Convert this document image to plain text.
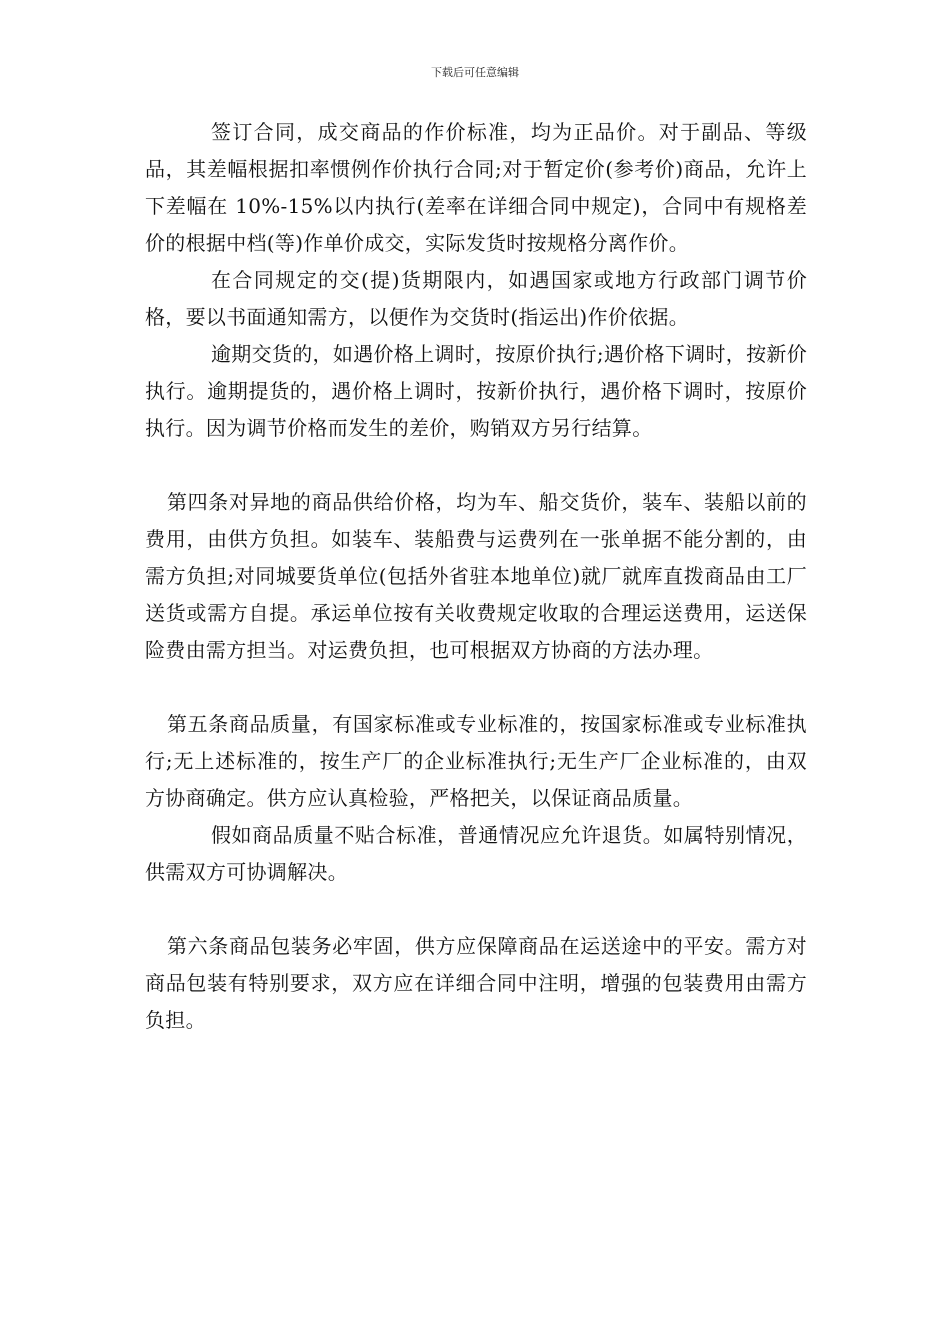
下载后可任意编辑

签订合同，成交商品的作价标准，均为正品价。对于副品、等级品，其差幅根据扣率惯例作价执行合同;对于暂定价(参考价)商品，允许上下差幅在 10%-15%以内执行(差率在详细合同中规定)，合同中有规格差价的根据中档(等)作单价成交，实际发货时按规格分离作价。

在合同规定的交(提)货期限内，如遇国家或地方行政部门调节价格，要以书面通知需方，以便作为交货时(指运出)作价依据。

逾期交货的，如遇价格上调时，按原价执行;遇价格下调时，按新价执行。逾期提货的，遇价格上调时，按新价执行，遇价格下调时，按原价执行。因为调节价格而发生的差价，购销双方另行结算。

第四条对异地的商品供给价格，均为车、船交货价，装车、装船以前的费用，由供方负担。如装车、装船费与运费列在一张单据不能分割的，由需方负担;对同城要货单位(包括外省驻本地单位)就厂就库直拨商品由工厂送货或需方自提。承运单位按有关收费规定收取的合理运送费用，运送保险费由需方担当。对运费负担，也可根据双方协商的方法办理。

第五条商品质量，有国家标准或专业标准的，按国家标准或专业标准执行;无上述标准的，按生产厂的企业标准执行;无生产厂企业标准的，由双方协商确定。供方应认真检验，严格把关，以保证商品质量。

假如商品质量不贴合标准，普通情况应允许退货。如属特别情况，供需双方可协调解决。

第六条商品包装务必牢固，供方应保障商品在运送途中的平安。需方对商品包装有特别要求，双方应在详细合同中注明，增强的包装费用由需方负担。
